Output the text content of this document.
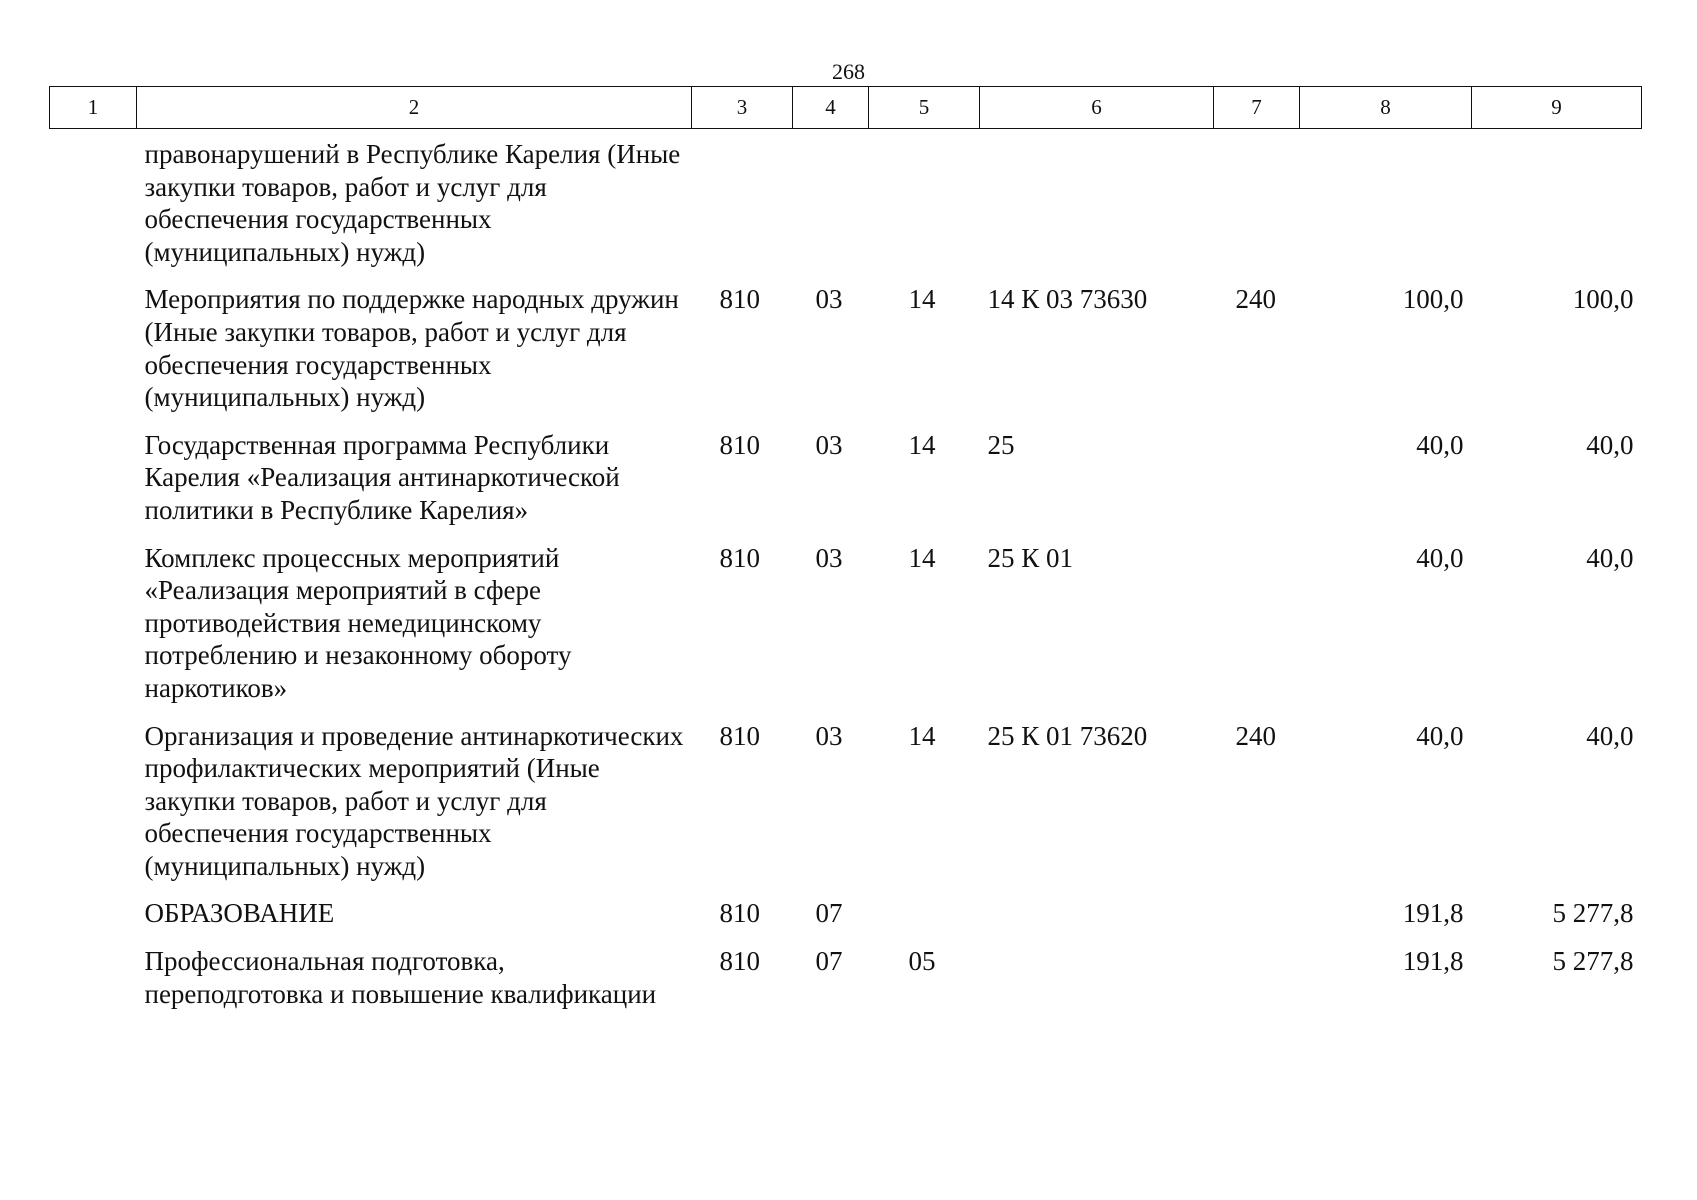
268
1	2	3	4	5	6	7	8	9
	правонарушений в Республике Карелия (Иные закупки товаров, работ и услуг для обеспечения государственных (муниципальных) нужд)							
	Мероприятия по поддержке народных дружин (Иные закупки товаров, работ и услуг для обеспечения государственных (муниципальных) нужд)	810	03	14	14 К 03 73630	240	100,0	100,0
	Государственная программа Республики Карелия «Реализация антинаркотической политики в Республике Карелия»	810	03	14	25		40,0	40,0
	Комплекс процессных мероприятий «Реализация мероприятий в сфере противодействия немедицинскому потреблению и незаконному обороту наркотиков»	810	03	14	25 К 01		40,0	40,0
	Организация и проведение антинаркотических профилактических мероприятий (Иные закупки товаров, работ и услуг для обеспечения государственных (муниципальных) нужд)	810	03	14	25 К 01 73620	240	40,0	40,0
	ОБРАЗОВАНИЕ	810	07				191,8	5 277,8
	Профессиональная подготовка, переподготовка и повышение квалификации	810	07	05			191,8	5 277,8
